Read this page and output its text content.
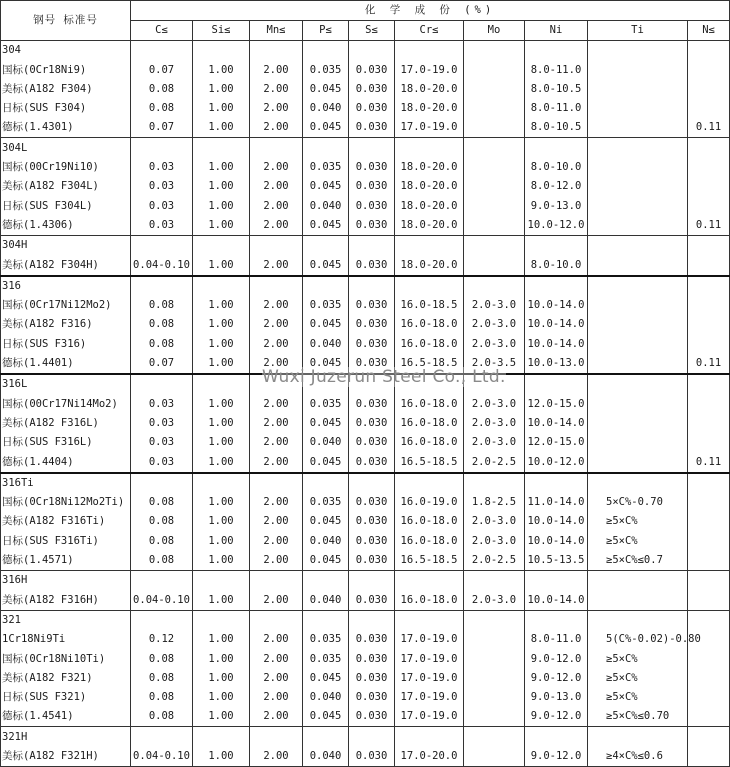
钢号 标准号	化 学 成 份 (%)									
	C≤	Si≤	Mn≤	P≤	S≤	Cr≤	Mo	Ni	Ti	N≤
304										
国标(0Cr18Ni9)	0.07	1.00	2.00	0.035	0.030	17.0-19.0		8.0-11.0		
美标(A182 F304)	0.08	1.00	2.00	0.045	0.030	18.0-20.0		8.0-10.5		
日标(SUS F304)	0.08	1.00	2.00	0.040	0.030	18.0-20.0		8.0-11.0		
德标(1.4301)	0.07	1.00	2.00	0.045	0.030	17.0-19.0		8.0-10.5		0.11
304L										
国标(00Cr19Ni10)	0.03	1.00	2.00	0.035	0.030	18.0-20.0		8.0-10.0		
美标(A182 F304L)	0.03	1.00	2.00	0.045	0.030	18.0-20.0		8.0-12.0		
日标(SUS F304L)	0.03	1.00	2.00	0.040	0.030	18.0-20.0		9.0-13.0		
德标(1.4306)	0.03	1.00	2.00	0.045	0.030	18.0-20.0		10.0-12.0		0.11
304H										
美标(A182 F304H)	0.04-0.10	1.00	2.00	0.045	0.030	18.0-20.0		8.0-10.0		
316										
国标(0Cr17Ni12Mo2)	0.08	1.00	2.00	0.035	0.030	16.0-18.5	2.0-3.0	10.0-14.0		
美标(A182 F316)	0.08	1.00	2.00	0.045	0.030	16.0-18.0	2.0-3.0	10.0-14.0		
日标(SUS F316)	0.08	1.00	2.00	0.040	0.030	16.0-18.0	2.0-3.0	10.0-14.0		
德标(1.4401)	0.07	1.00	2.00	0.045	0.030	16.5-18.5	2.0-3.5	10.0-13.0		0.11
316L										
国标(00Cr17Ni14Mo2)	0.03	1.00	2.00	0.035	0.030	16.0-18.0	2.0-3.0	12.0-15.0		
美标(A182 F316L)	0.03	1.00	2.00	0.045	0.030	16.0-18.0	2.0-3.0	10.0-14.0		
日标(SUS F316L)	0.03	1.00	2.00	0.040	0.030	16.0-18.0	2.0-3.0	12.0-15.0		
德标(1.4404)	0.03	1.00	2.00	0.045	0.030	16.5-18.5	2.0-2.5	10.0-12.0		0.11
316Ti										
国标(0Cr18Ni12Mo2Ti)	0.08	1.00	2.00	0.035	0.030	16.0-19.0	1.8-2.5	11.0-14.0	5×C%-0.70	
美标(A182 F316Ti)	0.08	1.00	2.00	0.045	0.030	16.0-18.0	2.0-3.0	10.0-14.0	≥5×C%	
日标(SUS F316Ti)	0.08	1.00	2.00	0.040	0.030	16.0-18.0	2.0-3.0	10.0-14.0	≥5×C%	
德标(1.4571)	0.08	1.00	2.00	0.045	0.030	16.5-18.5	2.0-2.5	10.5-13.5	≥5×C%≤0.7	
316H										
美标(A182 F316H)	0.04-0.10	1.00	2.00	0.040	0.030	16.0-18.0	2.0-3.0	10.0-14.0		
321										
1Cr18Ni9Ti	0.12	1.00	2.00	0.035	0.030	17.0-19.0		8.0-11.0	5(C%-0.02)-0.80	
国标(0Cr18Ni10Ti)	0.08	1.00	2.00	0.035	0.030	17.0-19.0		9.0-12.0	≥5×C%	
美标(A182 F321)	0.08	1.00	2.00	0.045	0.030	17.0-19.0		9.0-12.0	≥5×C%	
日标(SUS F321)	0.08	1.00	2.00	0.040	0.030	17.0-19.0		9.0-13.0	≥5×C%	
德标(1.4541)	0.08	1.00	2.00	0.045	0.030	17.0-19.0		9.0-12.0	≥5×C%≤0.70	
321H										
美标(A182 F321H)	0.04-0.10	1.00	2.00	0.040	0.030	17.0-20.0		9.0-12.0	≥4×C%≤0.6	
Wuxi Juzerun Steel Co., Ltd.
